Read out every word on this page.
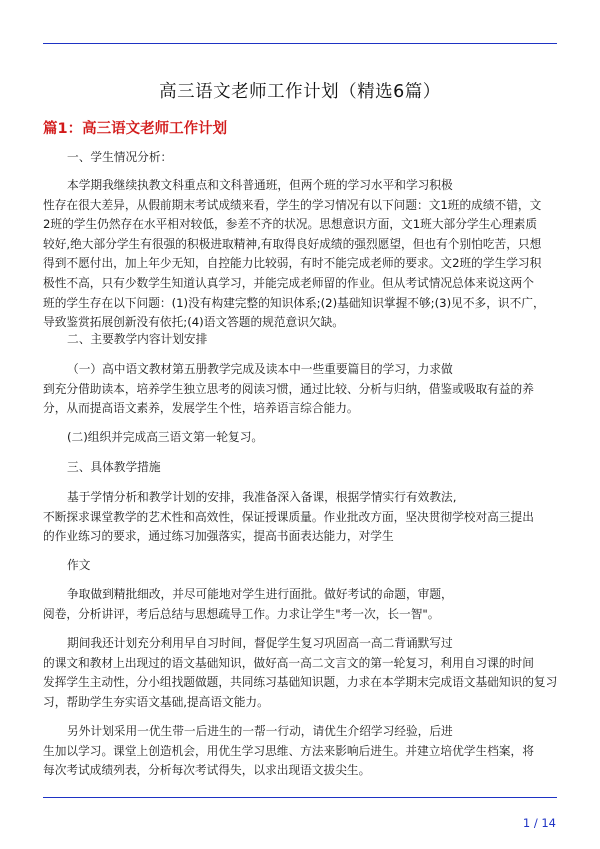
高三语文老师工作计划（精选6篇）
篇1：高三语文老师工作计划
一、学生情况分析：
本学期我继续执教文科重点和文科普通班，但两个班的学习水平和学习积极
性存在很大差异，从假前期末考试成绩来看，学生的学习情况有以下问题：文1班的成绩不错，文
2班的学生仍然存在水平相对较低，参差不齐的状况。思想意识方面，文1班大部分学生心理素质
较好,绝大部分学生有很强的积极进取精神,有取得良好成绩的强烈愿望，但也有个别怕吃苦，只想
得到不愿付出，加上年少无知，自控能力比较弱，有时不能完成老师的要求。文2班的学生学习积
极性不高，只有少数学生知道认真学习，并能完成老师留的作业。但从考试情况总体来说这两个
班的学生存在以下问题：(1)没有构建完整的知识体系;(2)基础知识掌握不够;(3)见不多，识不广，
导致鉴赏拓展创新没有依托;(4)语文答题的规范意识欠缺。
二、主要教学内容计划安排
（一）高中语文教材第五册教学完成及读本中一些重要篇目的学习，力求做
到充分借助读本，培养学生独立思考的阅读习惯，通过比较、分析与归纳，借鉴或吸取有益的养
分，从而提高语文素养，发展学生个性，培养语言综合能力。
(二)组织并完成高三语文第一轮复习。
三、具体教学措施
基于学情分析和教学计划的安排，我准备深入备课，根据学情实行有效教法,
不断探求课堂教学的艺术性和高效性，保证授课质量。作业批改方面，坚决贯彻学校对高三提出
的作业练习的要求，通过练习加强落实，提高书面表达能力，对学生
作文
争取做到精批细改，并尽可能地对学生进行面批。做好考试的命题，审题，
阅卷，分析讲评，考后总结与思想疏导工作。力求让学生"考一次，长一智"。
期间我还计划充分利用早自习时间，督促学生复习巩固高一高二背诵默写过
的课文和教材上出现过的语文基础知识，做好高一高二文言文的第一轮复习，利用自习课的时间
发挥学生主动性，分小组找题做题，共同练习基础知识题，力求在本学期末完成语文基础知识的复习
习，帮助学生夯实语文基础,提高语文能力。
另外计划采用一优生带一后进生的一帮一行动，请优生介绍学习经验，后进
生加以学习。课堂上创造机会，用优生学习思维、方法来影响后进生。并建立培优学生档案，将
每次考试成绩列表，分析每次考试得失，以求出现语文拔尖生。
1 / 14
